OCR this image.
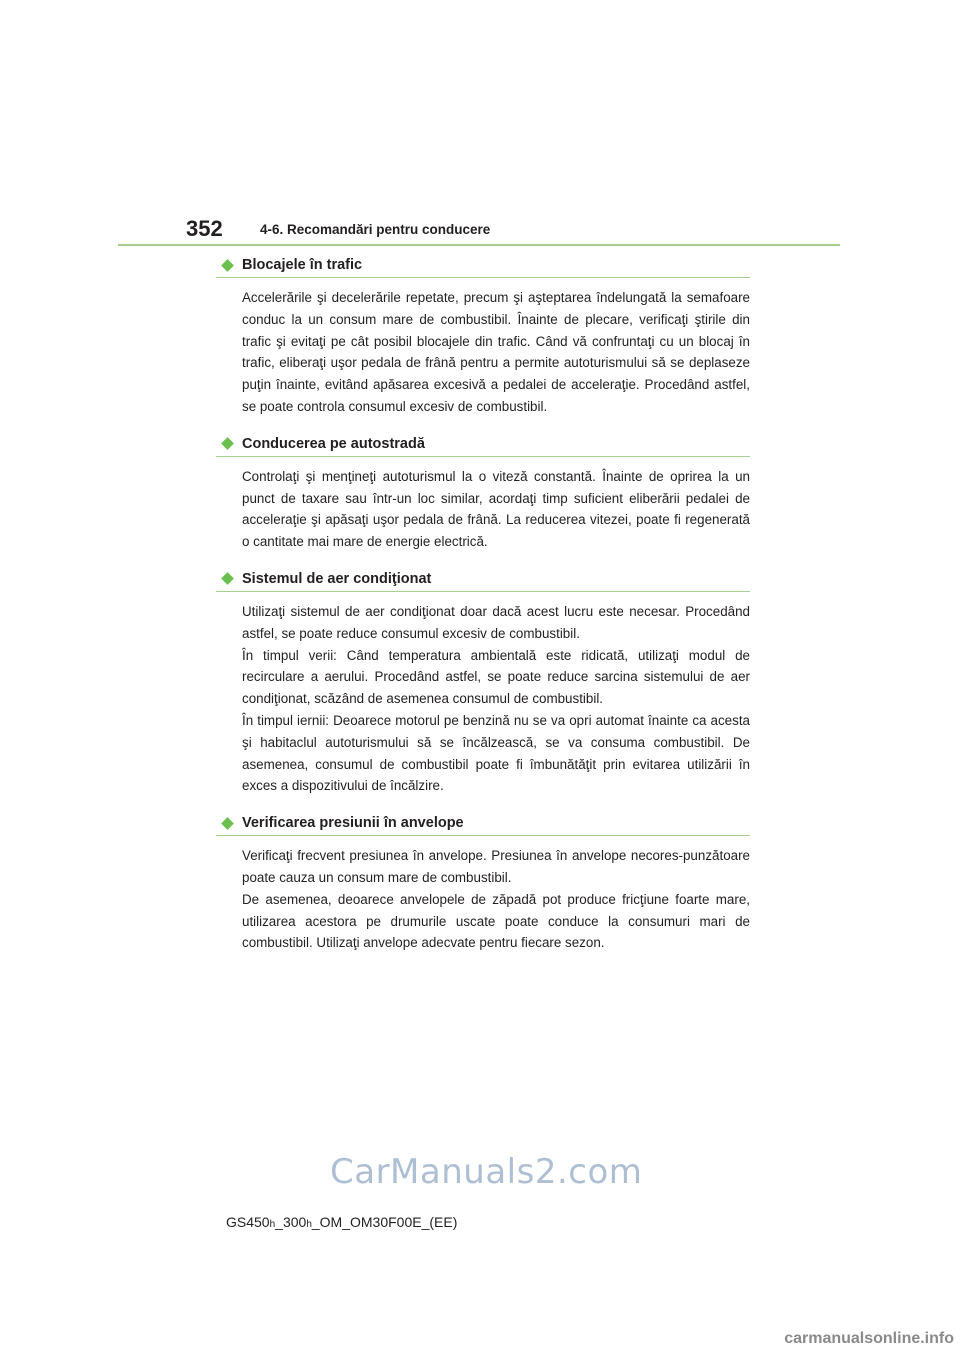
352	4-6. Recomandări pentru conducere
Blocajele în trafic

Accelerările şi decelerările repetate, precum şi aşteptarea îndelungată la semafoare conduc la un consum mare de combustibil. Înainte de plecare, verificaţi ştirile din trafic şi evitaţi pe cât posibil blocajele din trafic. Când vă confruntaţi cu un blocaj în trafic, eliberaţi uşor pedala de frână pentru a permite autoturismului să se deplaseze puţin înainte, evitând apăsarea excesivă a pedalei de acceleraţie. Procedând astfel, se poate controla consumul excesiv de combustibil.

Conducerea pe autostradă

Controlaţi şi menţineţi autoturismul la o viteză constantă. Înainte de oprirea la un punct de taxare sau într-un loc similar, acordaţi timp suficient eliberării pedalei de acceleraţie şi apăsaţi uşor pedala de frână. La reducerea vitezei, poate fi regenerată o cantitate mai mare de energie electrică.

Sistemul de aer condiţionat

Utilizaţi sistemul de aer condiţionat doar dacă acest lucru este necesar. Procedând astfel, se poate reduce consumul excesiv de combustibil.

În timpul verii: Când temperatura ambientală este ridicată, utilizaţi modul de recirculare a aerului. Procedând astfel, se poate reduce sarcina sistemului de aer condiţionat, scăzând de asemenea consumul de combustibil.

În timpul iernii: Deoarece motorul pe benzină nu se va opri automat înainte ca acesta şi habitaclul autoturismului să se încălzească, se va consuma combustibil. De asemenea, consumul de combustibil poate fi îmbunătăţit prin evitarea utilizării în exces a dispozitivului de încălzire.

Verificarea presiunii în anvelope

Verificaţi frecvent presiunea în anvelope. Presiunea în anvelope necores-punzătoare poate cauza un consum mare de combustibil.

De asemenea, deoarece anvelopele de zăpadă pot produce fricţiune foarte mare, utilizarea acestora pe drumurile uscate poate conduce la consumuri mari de combustibil. Utilizaţi anvelope adecvate pentru fiecare sezon.

CarManuals2.com
GS450h_300h_OM_OM30F00E_(EE)
carmanualsonline.info
